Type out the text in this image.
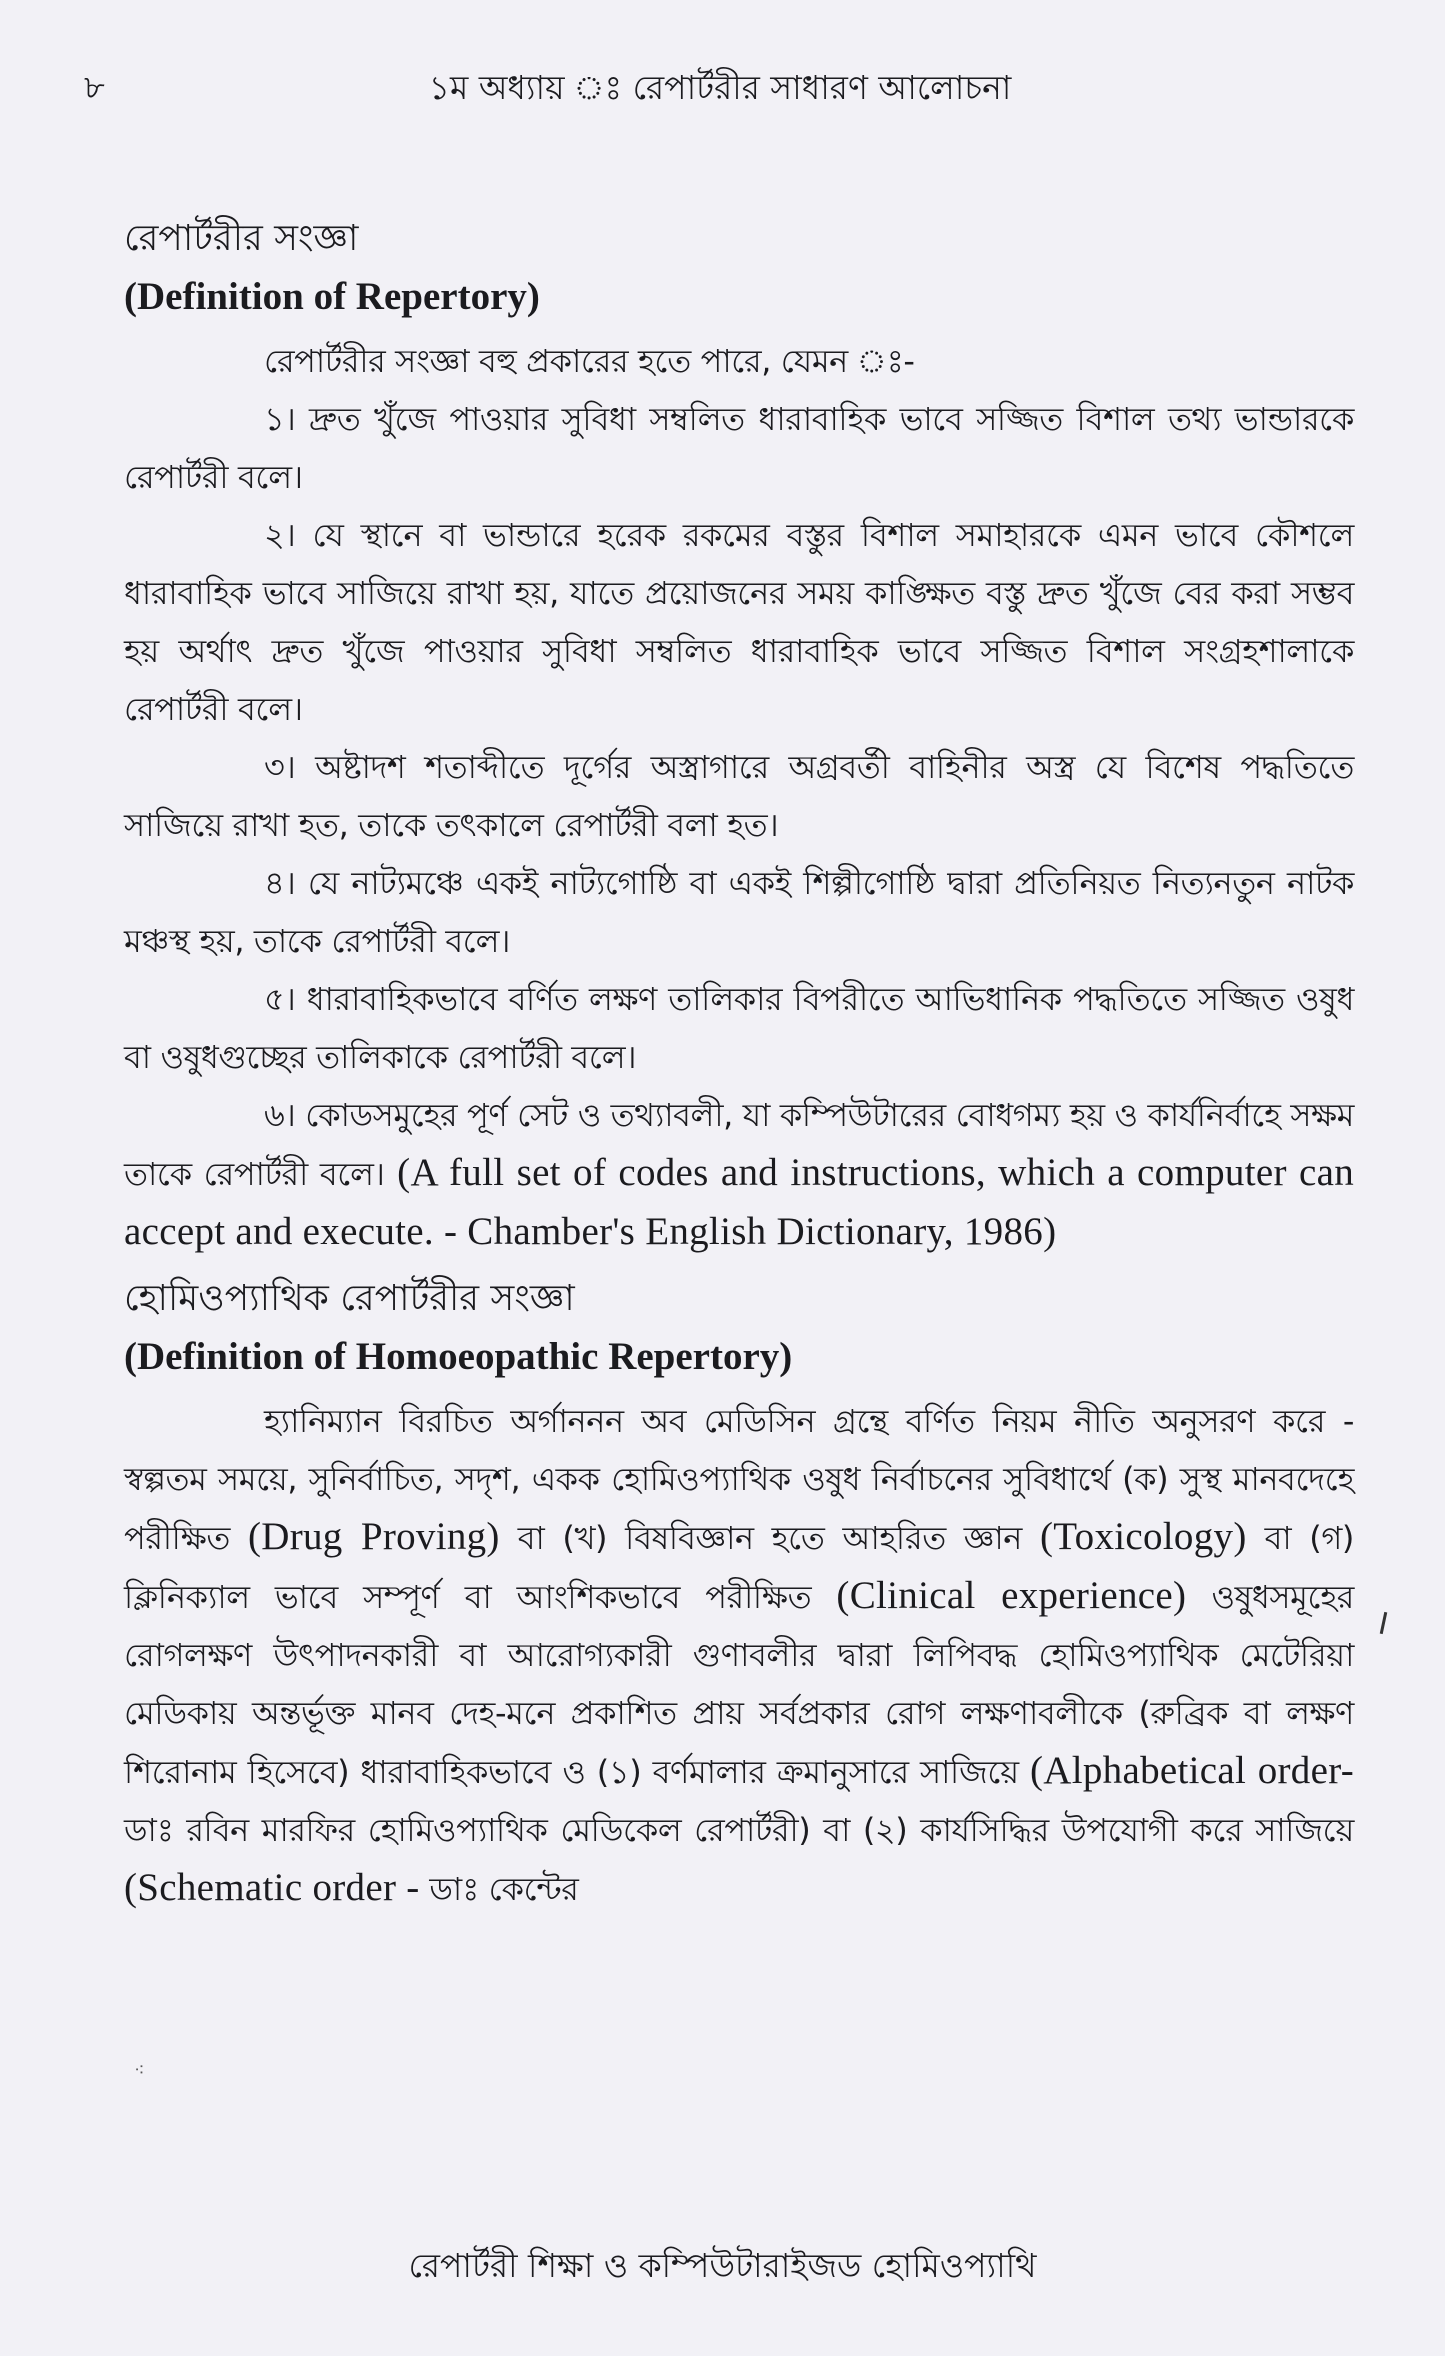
৮	১ম অধ্যায় ঃ রেপার্টরীর সাধারণ আলোচনা
রেপার্টরীর সংজ্ঞা
(Definition of Repertory)

রেপার্টরীর সংজ্ঞা বহু প্রকারের হতে পারে, যেমন ঃ-

১। দ্রুত খুঁজে পাওয়ার সুবিধা সম্বলিত ধারাবাহিক ভাবে সজ্জিত বিশাল তথ্য ভান্ডারকে রেপার্টরী বলে।

২। যে স্থানে বা ভান্ডারে হরেক রকমের বস্তুর বিশাল সমাহারকে এমন ভাবে কৌশলে ধারাবাহিক ভাবে সাজিয়ে রাখা হয়, যাতে প্রয়োজনের সময় কাঙ্ক্ষিত বস্তু দ্রুত খুঁজে বের করা সম্ভব হয় অর্থাৎ দ্রুত খুঁজে পাওয়ার সুবিধা সম্বলিত ধারাবাহিক ভাবে সজ্জিত বিশাল সংগ্রহশালাকে রেপার্টরী বলে।

৩। অষ্টাদশ শতাব্দীতে দূর্গের অস্ত্রাগারে অগ্রবর্তী বাহিনীর অস্ত্র যে বিশেষ পদ্ধতিতে সাজিয়ে রাখা হত, তাকে তৎকালে রেপার্টরী বলা হত।

৪। যে নাট্যমঞ্চে একই নাট্যগোষ্ঠি বা একই শিল্পীগোষ্ঠি দ্বারা প্রতিনিয়ত নিত্যনতুন নাটক মঞ্চস্থ হয়, তাকে রেপার্টরী বলে।

৫। ধারাবাহিকভাবে বর্ণিত লক্ষণ তালিকার বিপরীতে আভিধানিক পদ্ধতিতে সজ্জিত ওষুধ বা ওষুধগুচ্ছের তালিকাকে রেপার্টরী বলে।

৬। কোডসমুহের পূর্ণ সেট ও তথ্যাবলী, যা কম্পিউটারের বোধগম্য হয় ও কার্যনির্বাহে সক্ষম তাকে রেপার্টরী বলে। (A full set of codes and instructions, which a computer can accept and execute. - Chamber's English Dictionary, 1986)

হোমিওপ্যাথিক রেপার্টরীর সংজ্ঞা
(Definition of Homoeopathic Repertory)

হ্যানিম্যান বিরচিত অর্গাননন অব মেডিসিন গ্রন্থে বর্ণিত নিয়ম নীতি অনুসরণ করে - স্বল্পতম সময়ে, সুনির্বাচিত, সদৃশ, একক হোমিওপ্যাথিক ওষুধ নির্বাচনের সুবিধার্থে (ক) সুস্থ মানবদেহে পরীক্ষিত (Drug Proving) বা (খ) বিষবিজ্ঞান হতে আহরিত জ্ঞান (Toxicology) বা (গ) ক্লিনিক্যাল ভাবে সম্পূর্ণ বা আংশিকভাবে পরীক্ষিত (Clinical experience) ওষুধসমূহের রোগলক্ষণ উৎপাদনকারী বা আরোগ্যকারী গুণাবলীর দ্বারা লিপিবদ্ধ হোমিওপ্যাথিক মেটেরিয়া মেডিকায় অন্তর্ভূক্ত মানব দেহ-মনে প্রকাশিত প্রায় সর্বপ্রকার রোগ লক্ষণাবলীকে (রুব্রিক বা লক্ষণ শিরোনাম হিসেবে) ধারাবাহিকভাবে ও (১) বর্ণমালার ক্রমানুসারে সাজিয়ে (Alphabetical order- ডাঃ রবিন মারফির হোমিওপ্যাথিক মেডিকেল রেপার্টরী) বা (২) কার্যসিদ্ধির উপযোগী করে সাজিয়ে (Schematic order - ডাঃ কেন্টের

⁖
রেপার্টরী শিক্ষা ও কম্পিউটারাইজড হোমিওপ্যাথি
